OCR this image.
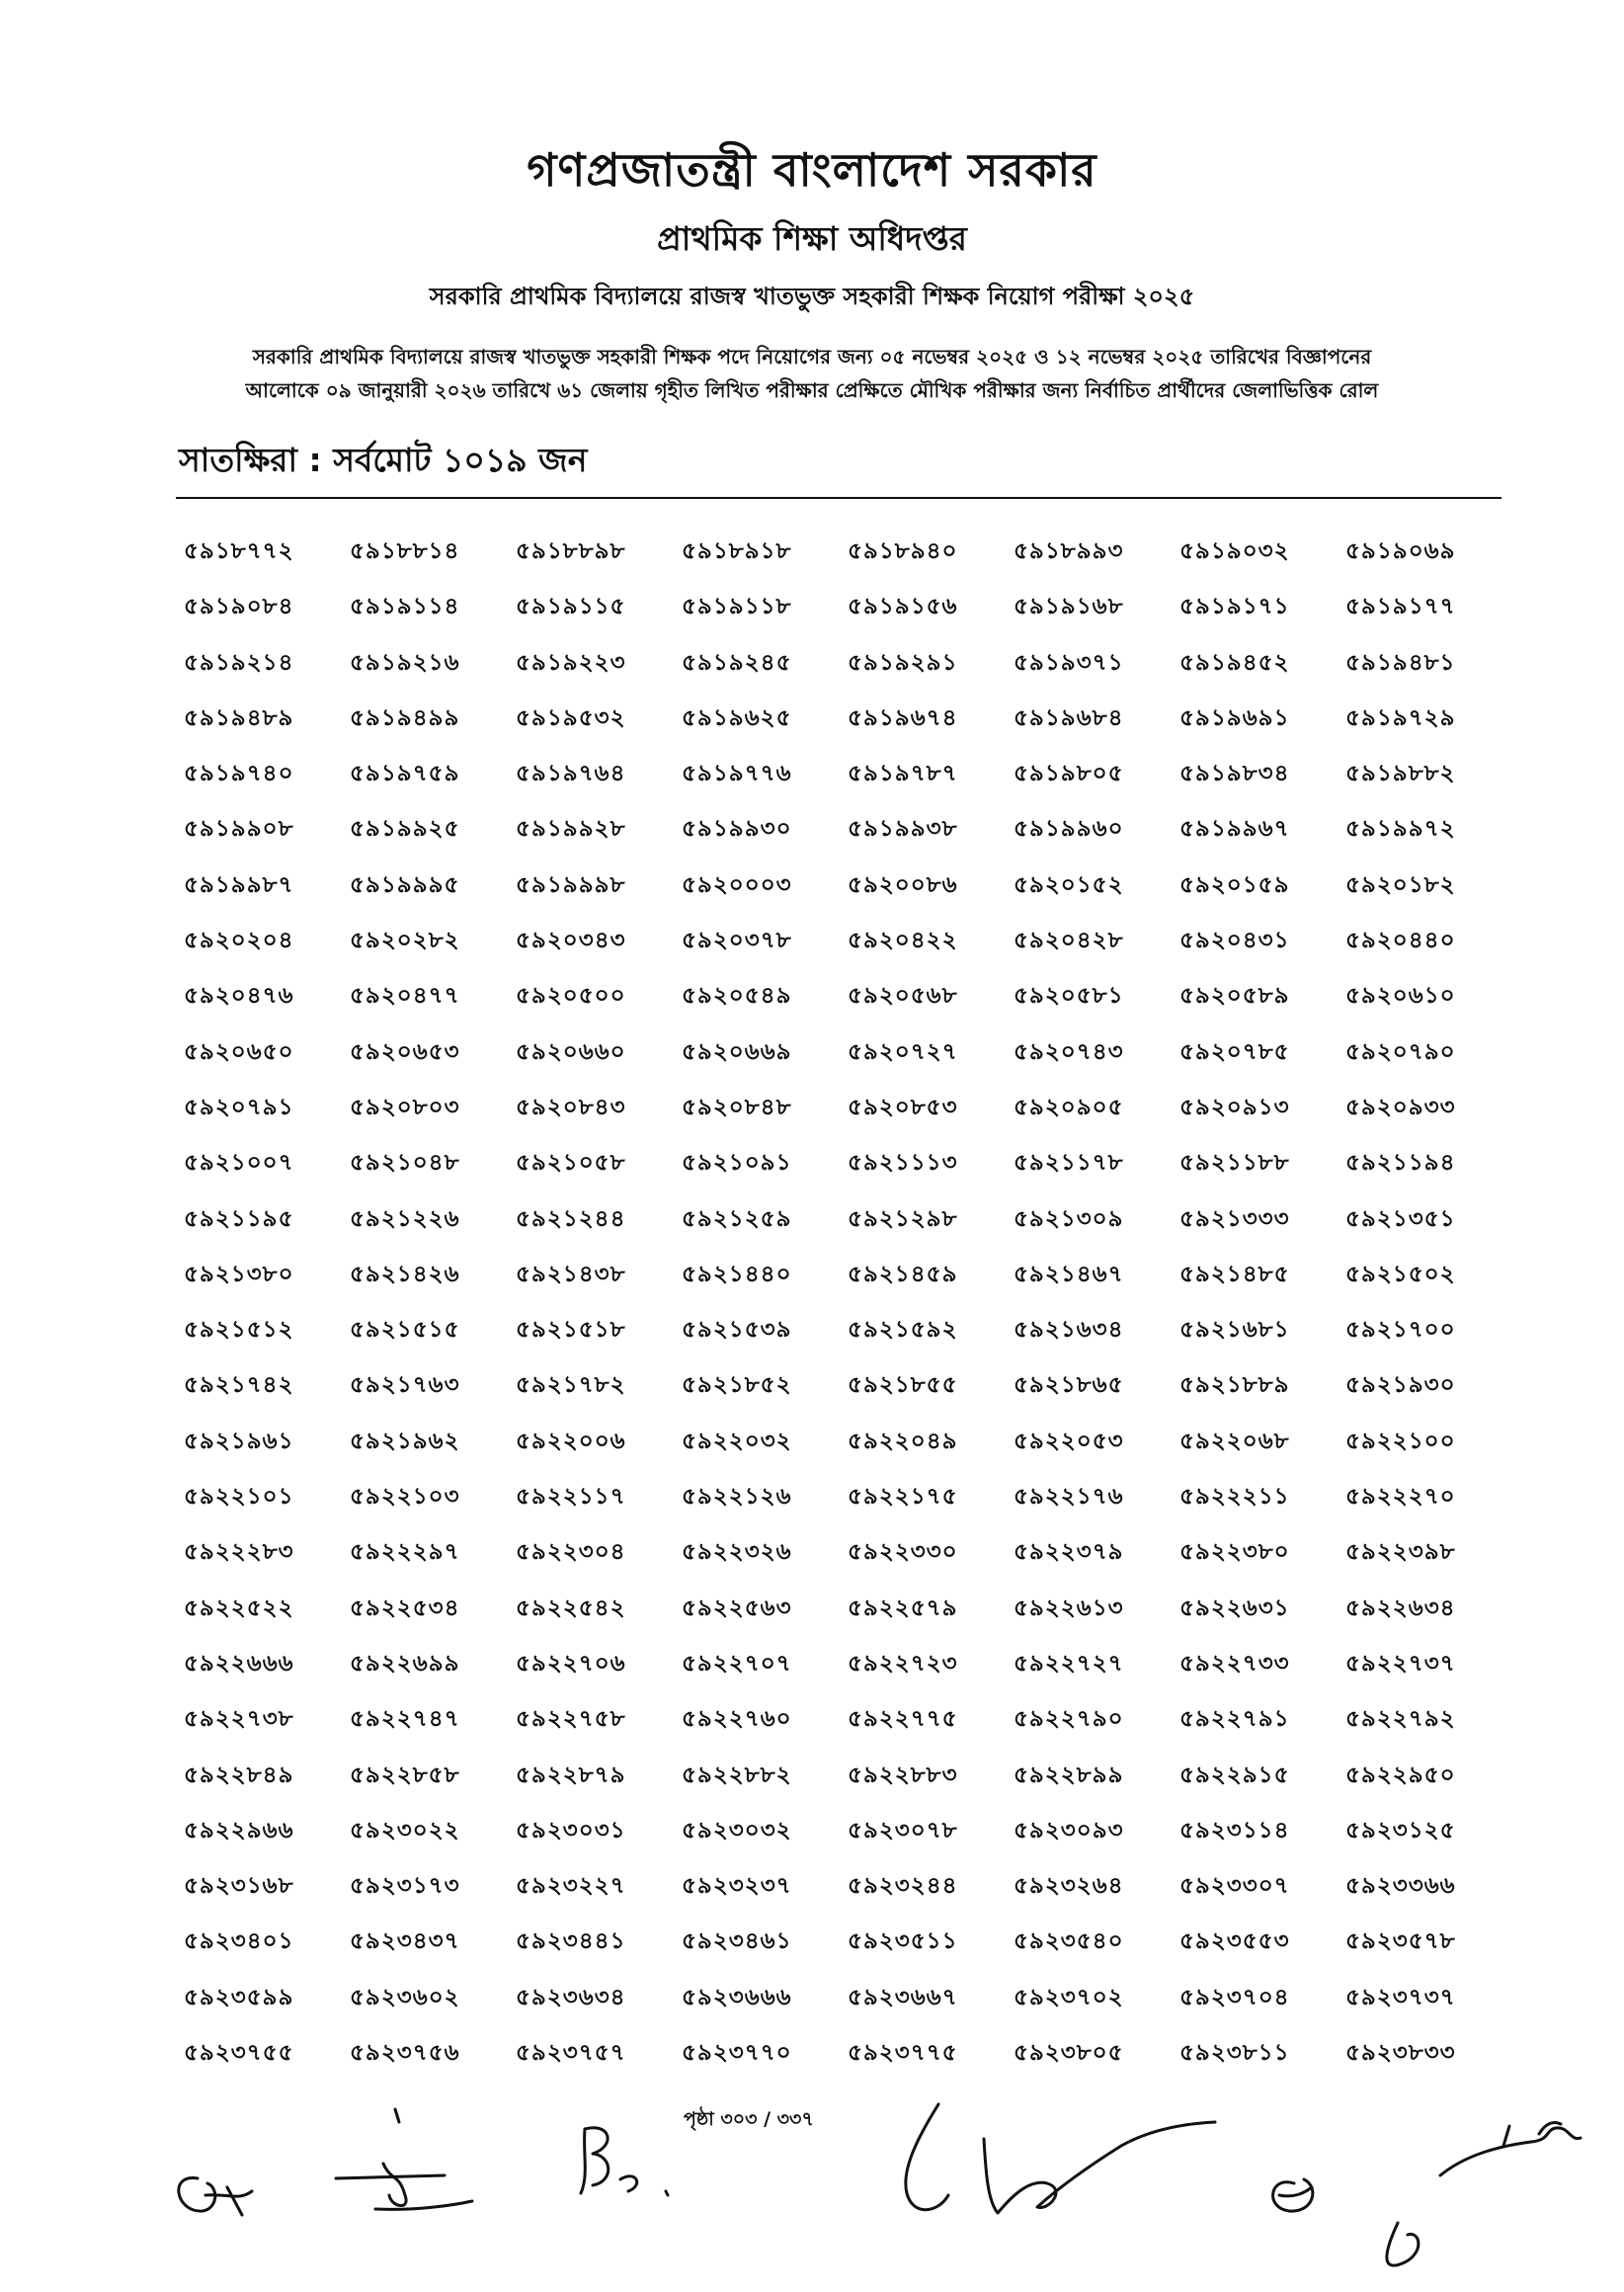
গণপ্রজাতন্ত্রী বাংলাদেশ সরকার
প্রাথমিক শিক্ষা অধিদপ্তর
সরকারি প্রাথমিক বিদ্যালয়ে রাজস্ব খাতভুক্ত সহকারী শিক্ষক নিয়োগ পরীক্ষা ২০২৫
সরকারি প্রাথমিক বিদ্যালয়ে রাজস্ব খাতভুক্ত সহকারী শিক্ষক পদে নিয়োগের জন্য ০৫ নভেম্বর ২০২৫ ও ১২ নভেম্বর ২০২৫ তারিখের বিজ্ঞাপনের
আলোকে ০৯ জানুয়ারী ২০২৬ তারিখে ৬১ জেলায় গৃহীত লিখিত পরীক্ষার প্রেক্ষিতে মৌখিক পরীক্ষার জন্য নির্বাচিত প্রার্থীদের জেলাভিত্তিক রোল
সাতক্ষিরা : সর্বমোট ১০১৯ জন
৫৯১৮৭৭২	৫৯১৮৮১৪	৫৯১৮৮৯৮	৫৯১৮৯১৮	৫৯১৮৯৪০	৫৯১৮৯৯৩	৫৯১৯০৩২	৫৯১৯০৬৯
৫৯১৯০৮৪	৫৯১৯১১৪	৫৯১৯১১৫	৫৯১৯১১৮	৫৯১৯১৫৬	৫৯১৯১৬৮	৫৯১৯১৭১	৫৯১৯১৭৭
৫৯১৯২১৪	৫৯১৯২১৬	৫৯১৯২২৩	৫৯১৯২৪৫	৫৯১৯২৯১	৫৯১৯৩৭১	৫৯১৯৪৫২	৫৯১৯৪৮১
৫৯১৯৪৮৯	৫৯১৯৪৯৯	৫৯১৯৫৩২	৫৯১৯৬২৫	৫৯১৯৬৭৪	৫৯১৯৬৮৪	৫৯১৯৬৯১	৫৯১৯৭২৯
৫৯১৯৭৪০	৫৯১৯৭৫৯	৫৯১৯৭৬৪	৫৯১৯৭৭৬	৫৯১৯৭৮৭	৫৯১৯৮০৫	৫৯১৯৮৩৪	৫৯১৯৮৮২
৫৯১৯৯০৮	৫৯১৯৯২৫	৫৯১৯৯২৮	৫৯১৯৯৩০	৫৯১৯৯৩৮	৫৯১৯৯৬০	৫৯১৯৯৬৭	৫৯১৯৯৭২
৫৯১৯৯৮৭	৫৯১৯৯৯৫	৫৯১৯৯৯৮	৫৯২০০০৩	৫৯২০০৮৬	৫৯২০১৫২	৫৯২০১৫৯	৫৯২০১৮২
৫৯২০২০৪	৫৯২০২৮২	৫৯২০৩৪৩	৫৯২০৩৭৮	৫৯২০৪২২	৫৯২০৪২৮	৫৯২০৪৩১	৫৯২০৪৪০
৫৯২০৪৭৬	৫৯২০৪৭৭	৫৯২০৫০০	৫৯২০৫৪৯	৫৯২০৫৬৮	৫৯২০৫৮১	৫৯২০৫৮৯	৫৯২০৬১০
৫৯২০৬৫০	৫৯২০৬৫৩	৫৯২০৬৬০	৫৯২০৬৬৯	৫৯২০৭২৭	৫৯২০৭৪৩	৫৯২০৭৮৫	৫৯২০৭৯০
৫৯২০৭৯১	৫৯২০৮০৩	৫৯২০৮৪৩	৫৯২০৮৪৮	৫৯২০৮৫৩	৫৯২০৯০৫	৫৯২০৯১৩	৫৯২০৯৩৩
৫৯২১০০৭	৫৯২১০৪৮	৫৯২১০৫৮	৫৯২১০৯১	৫৯২১১১৩	৫৯২১১৭৮	৫৯২১১৮৮	৫৯২১১৯৪
৫৯২১১৯৫	৫৯২১২২৬	৫৯২১২৪৪	৫৯২১২৫৯	৫৯২১২৯৮	৫৯২১৩০৯	৫৯২১৩৩৩	৫৯২১৩৫১
৫৯২১৩৮০	৫৯২১৪২৬	৫৯২১৪৩৮	৫৯২১৪৪০	৫৯২১৪৫৯	৫৯২১৪৬৭	৫৯২১৪৮৫	৫৯২১৫০২
৫৯২১৫১২	৫৯২১৫১৫	৫৯২১৫১৮	৫৯২১৫৩৯	৫৯২১৫৯২	৫৯২১৬৩৪	৫৯২১৬৮১	৫৯২১৭০০
৫৯২১৭৪২	৫৯২১৭৬৩	৫৯২১৭৮২	৫৯২১৮৫২	৫৯২১৮৫৫	৫৯২১৮৬৫	৫৯২১৮৮৯	৫৯২১৯৩০
৫৯২১৯৬১	৫৯২১৯৬২	৫৯২২০০৬	৫৯২২০৩২	৫৯২২০৪৯	৫৯২২০৫৩	৫৯২২০৬৮	৫৯২২১০০
৫৯২২১০১	৫৯২২১০৩	৫৯২২১১৭	৫৯২২১২৬	৫৯২২১৭৫	৫৯২২১৭৬	৫৯২২২১১	৫৯২২২৭০
৫৯২২২৮৩	৫৯২২২৯৭	৫৯২২৩০৪	৫৯২২৩২৬	৫৯২২৩৩০	৫৯২২৩৭৯	৫৯২২৩৮০	৫৯২২৩৯৮
৫৯২২৫২২	৫৯২২৫৩৪	৫৯২২৫৪২	৫৯২২৫৬৩	৫৯২২৫৭৯	৫৯২২৬১৩	৫৯২২৬৩১	৫৯২২৬৩৪
৫৯২২৬৬৬	৫৯২২৬৯৯	৫৯২২৭০৬	৫৯২২৭০৭	৫৯২২৭২৩	৫৯২২৭২৭	৫৯২২৭৩৩	৫৯২২৭৩৭
৫৯২২৭৩৮	৫৯২২৭৪৭	৫৯২২৭৫৮	৫৯২২৭৬০	৫৯২২৭৭৫	৫৯২২৭৯০	৫৯২২৭৯১	৫৯২২৭৯২
৫৯২২৮৪৯	৫৯২২৮৫৮	৫৯২২৮৭৯	৫৯২২৮৮২	৫৯২২৮৮৩	৫৯২২৮৯৯	৫৯২২৯১৫	৫৯২২৯৫০
৫৯২২৯৬৬	৫৯২৩০২২	৫৯২৩০৩১	৫৯২৩০৩২	৫৯২৩০৭৮	৫৯২৩০৯৩	৫৯২৩১১৪	৫৯২৩১২৫
৫৯২৩১৬৮	৫৯২৩১৭৩	৫৯২৩২২৭	৫৯২৩২৩৭	৫৯২৩২৪৪	৫৯২৩২৬৪	৫৯২৩৩০৭	৫৯২৩৩৬৬
৫৯২৩৪০১	৫৯২৩৪৩৭	৫৯২৩৪৪১	৫৯২৩৪৬১	৫৯২৩৫১১	৫৯২৩৫৪০	৫৯২৩৫৫৩	৫৯২৩৫৭৮
৫৯২৩৫৯৯	৫৯২৩৬০২	৫৯২৩৬৩৪	৫৯২৩৬৬৬	৫৯২৩৬৬৭	৫৯২৩৭০২	৫৯২৩৭০৪	৫৯২৩৭৩৭
৫৯২৩৭৫৫	৫৯২৩৭৫৬	৫৯২৩৭৫৭	৫৯২৩৭৭০	৫৯২৩৭৭৫	৫৯২৩৮০৫	৫৯২৩৮১১	৫৯২৩৮৩৩
পৃষ্ঠা ৩০৩ / ৩৩৭
